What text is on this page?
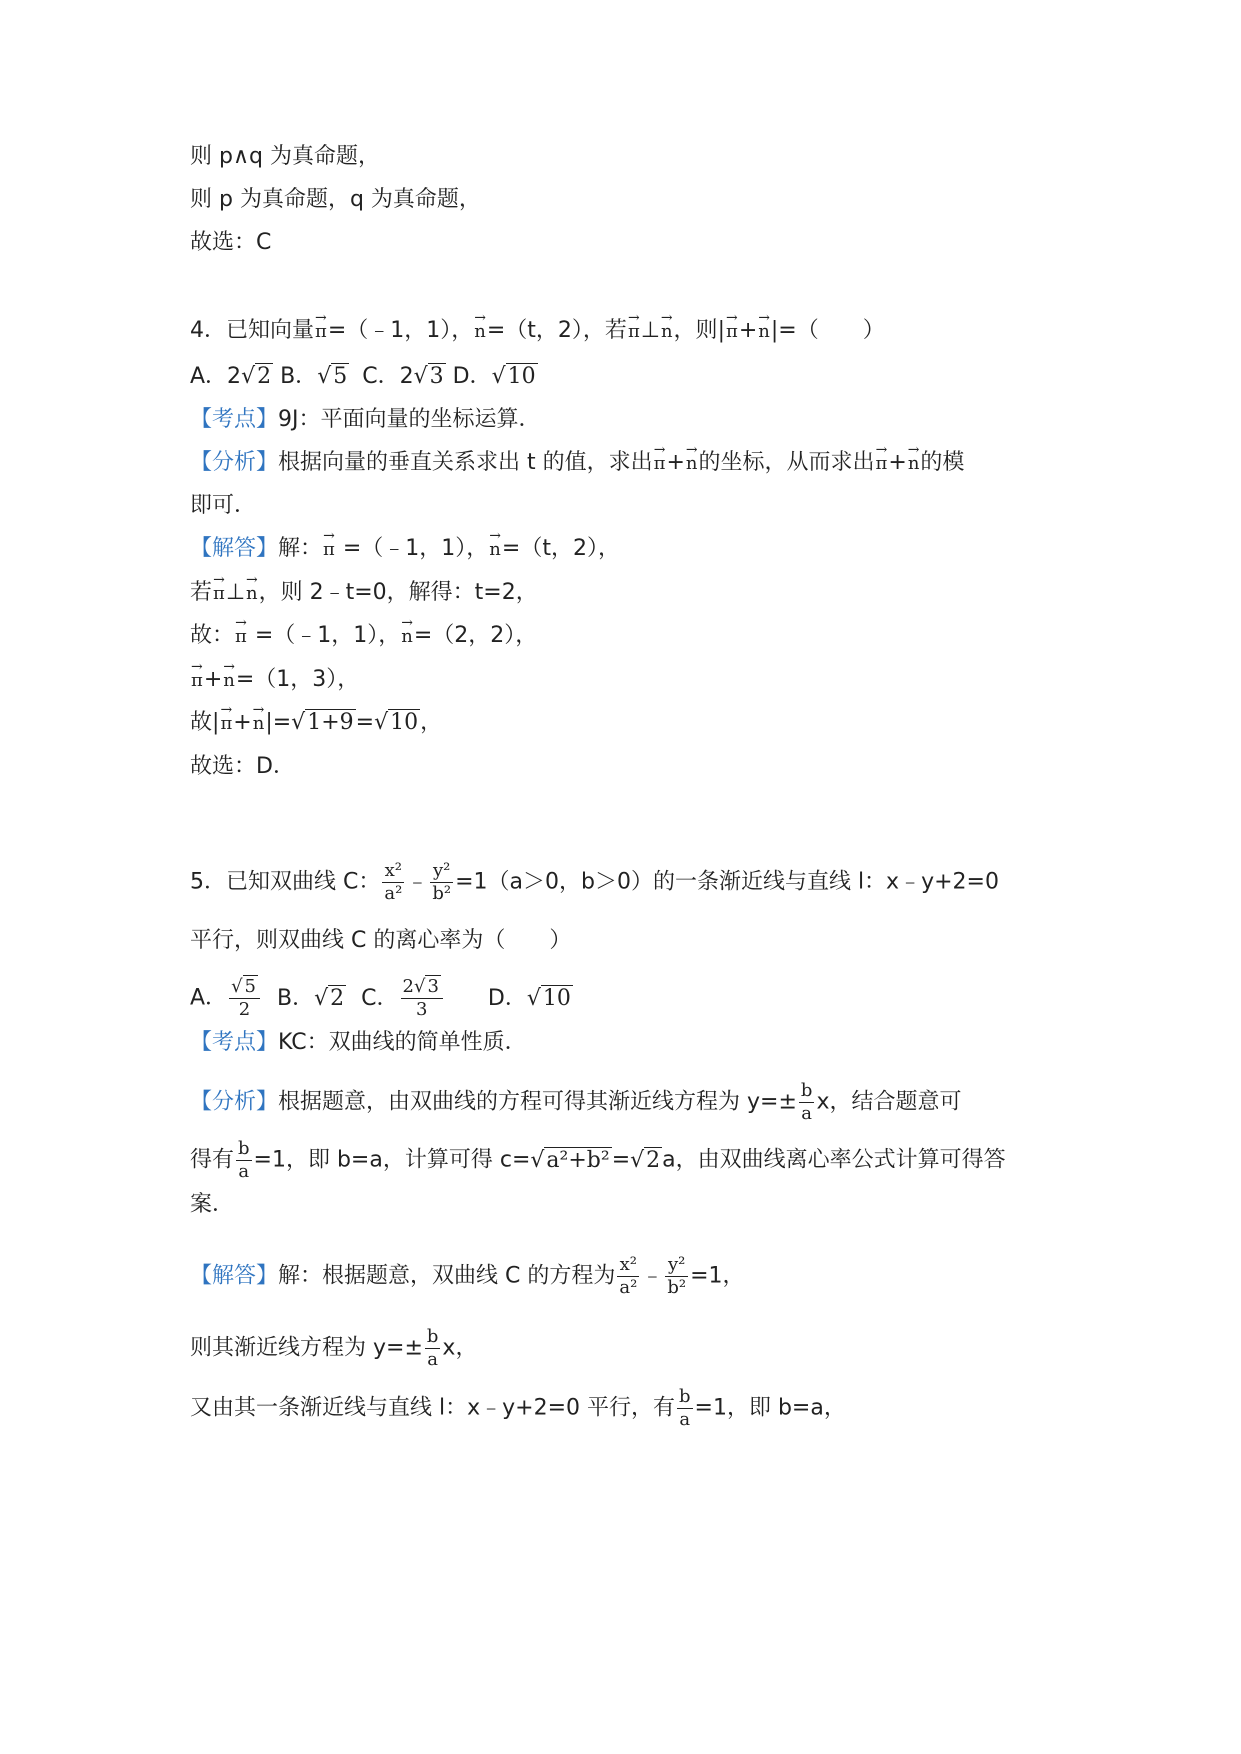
则 p∧q 为真命题，
则 p 为真命题，q 为真命题，
故选：C
4．已知向量→ π=（﹣1，1），→ n=（t，2），若→ π⊥→ n，则|→ π+→ n|=（　　）
A．2√2 B．√5 C．2√3 D．√10
【考点】9J：平面向量的坐标运算．
【分析】根据向量的垂直关系求出 t 的值，求出→ π+→ n的坐标，从而求出→ π+→ n的模
即可．
【解答】解：→ π =（﹣1，1），→ n=（t，2），
若→ π⊥→ n，则 2﹣t=0，解得：t=2，
故：→ π =（﹣1，1），→ n=（2，2），
→ π+→ n=（1，3），
故|→ π+→ n|=√1+9=√10，
故选：D．
5．已知双曲线 C： $\frac{\text{x²}}{\text{a²}}$ ﹣ $\frac{\text{y²}}{\text{b²}} =1(a>0$，b＞0）的一条渐近线与直线 l：x﹣y+2=0
平行，则双曲线 C 的离心率为（　　）
A． $\frac{√ 5}{2}$ B．√2 C． $\frac{2√ 3}{3}$ D．√10
【考点】KC：双曲线的简单性质．
【分析】根据题意，由双曲线的方程可得其渐近线方程为 $y=\pm \frac{b}{a}$ x，结合题意可
得有 $\frac{b}{a} =1$，即 b=a，计算可得 c=√a²+b²=√2a，由双曲线离心率公式计算可得答
案．
【解答】解：根据题意，双曲线 C 的方程为 $\frac{\text{x²}}{\text{a²}}$ ﹣ $\frac{\text{y²}}{\text{b²}} =1$，
则其渐近线方程为 $y=\pm \frac{b}{a}$ x，
又由其一条渐近线与直线 l：x﹣y+2=0 平行，有 $\frac{b}{a} =1$，即 b=a，
